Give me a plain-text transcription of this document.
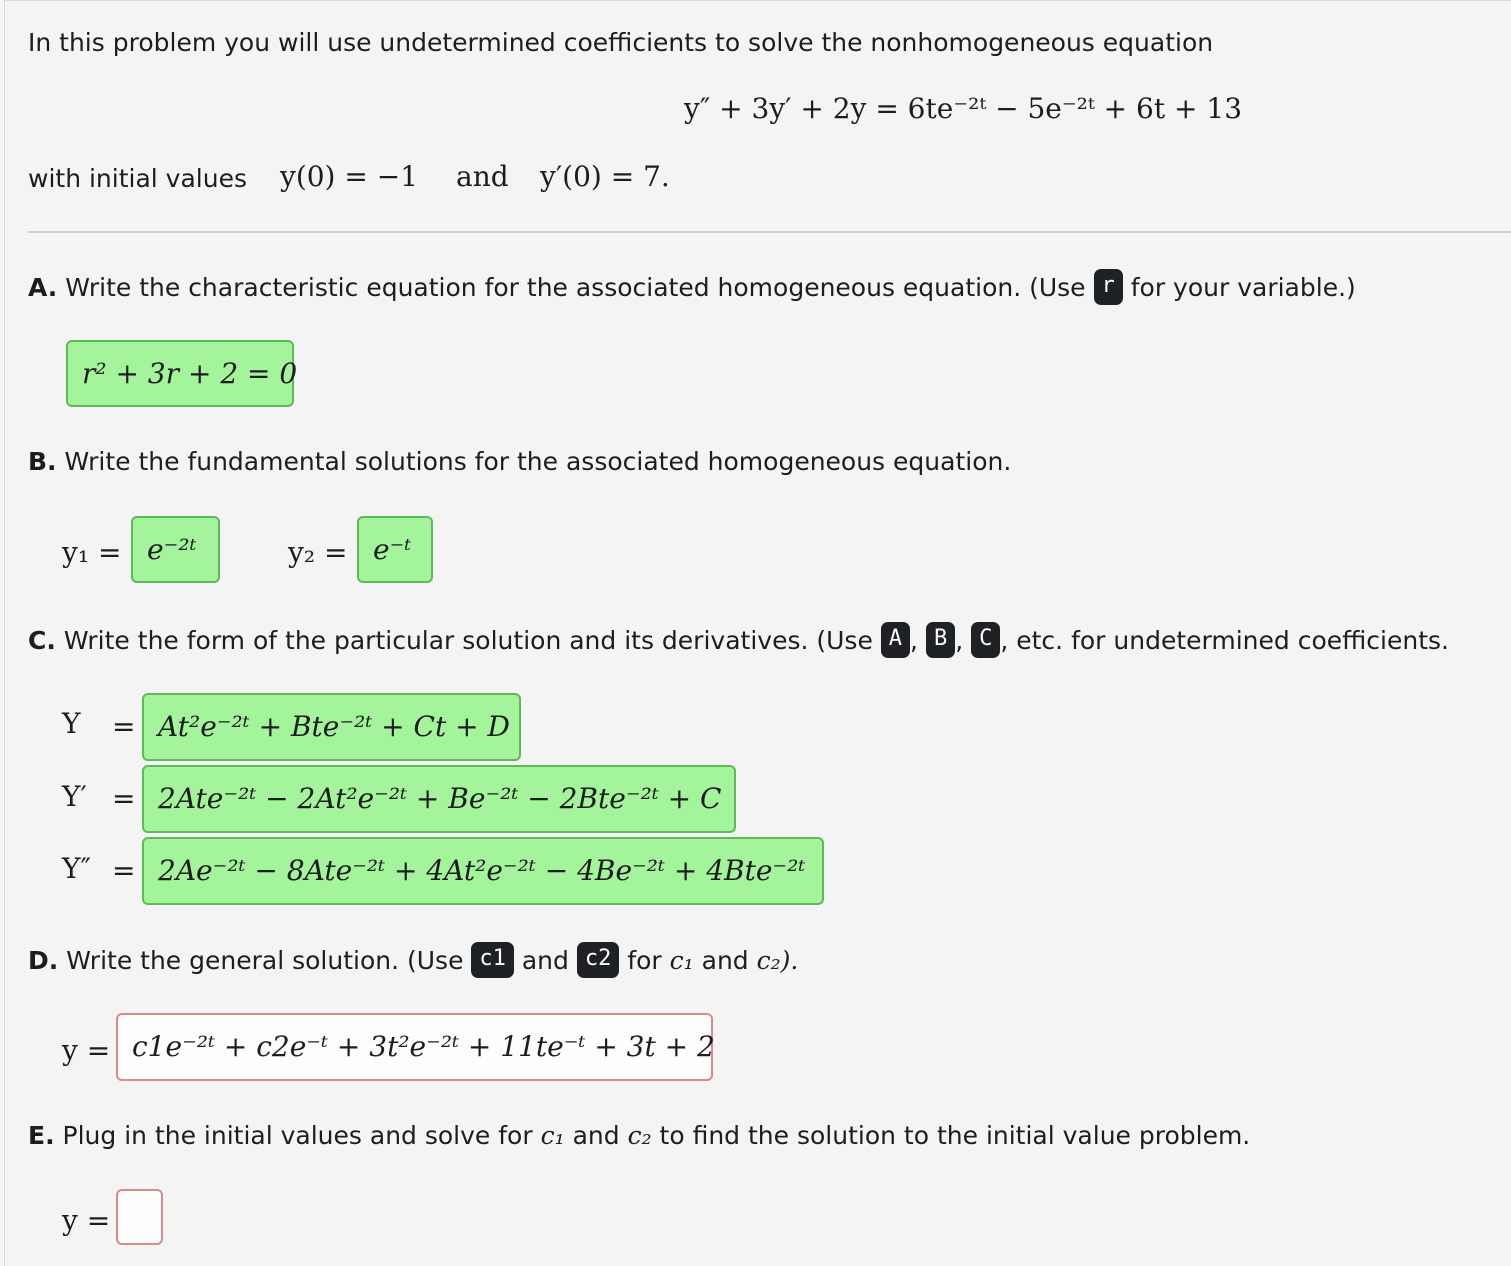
In this problem you will use undetermined coefficients to solve the nonhomogeneous equation
y″ + 3y′ + 2y = 6te⁻²ᵗ − 5e⁻²ᵗ + 6t + 13
with initial values y(0) = −1 and y′(0) = 7.
A. Write the characteristic equation for the associated homogeneous equation. (Use r for your variable.)
r² + 3r + 2 = 0
B. Write the fundamental solutions for the associated homogeneous equation.
y₁ = e⁻²ᵗ	y₂ = e⁻ᵗ
C. Write the form of the particular solution and its derivatives. (Use A , B , C , etc. for undetermined coefficients.
Y = At²e⁻²ᵗ + Bte⁻²ᵗ + Ct + D
Y′ = 2Ate⁻²ᵗ − 2At²e⁻²ᵗ + Be⁻²ᵗ − 2Bte⁻²ᵗ + C
Y″ = 2Ae⁻²ᵗ − 8Ate⁻²ᵗ + 4At²e⁻²ᵗ − 4Be⁻²ᵗ + 4Bte⁻²ᵗ
D. Write the general solution. (Use c1 and c2 for c₁ and c₂).
y = c1e⁻²ᵗ + c2e⁻ᵗ + 3t²e⁻²ᵗ + 11te⁻ᵗ + 3t + 2
E. Plug in the initial values and solve for c₁ and c₂ to find the solution to the initial value problem.
y =
